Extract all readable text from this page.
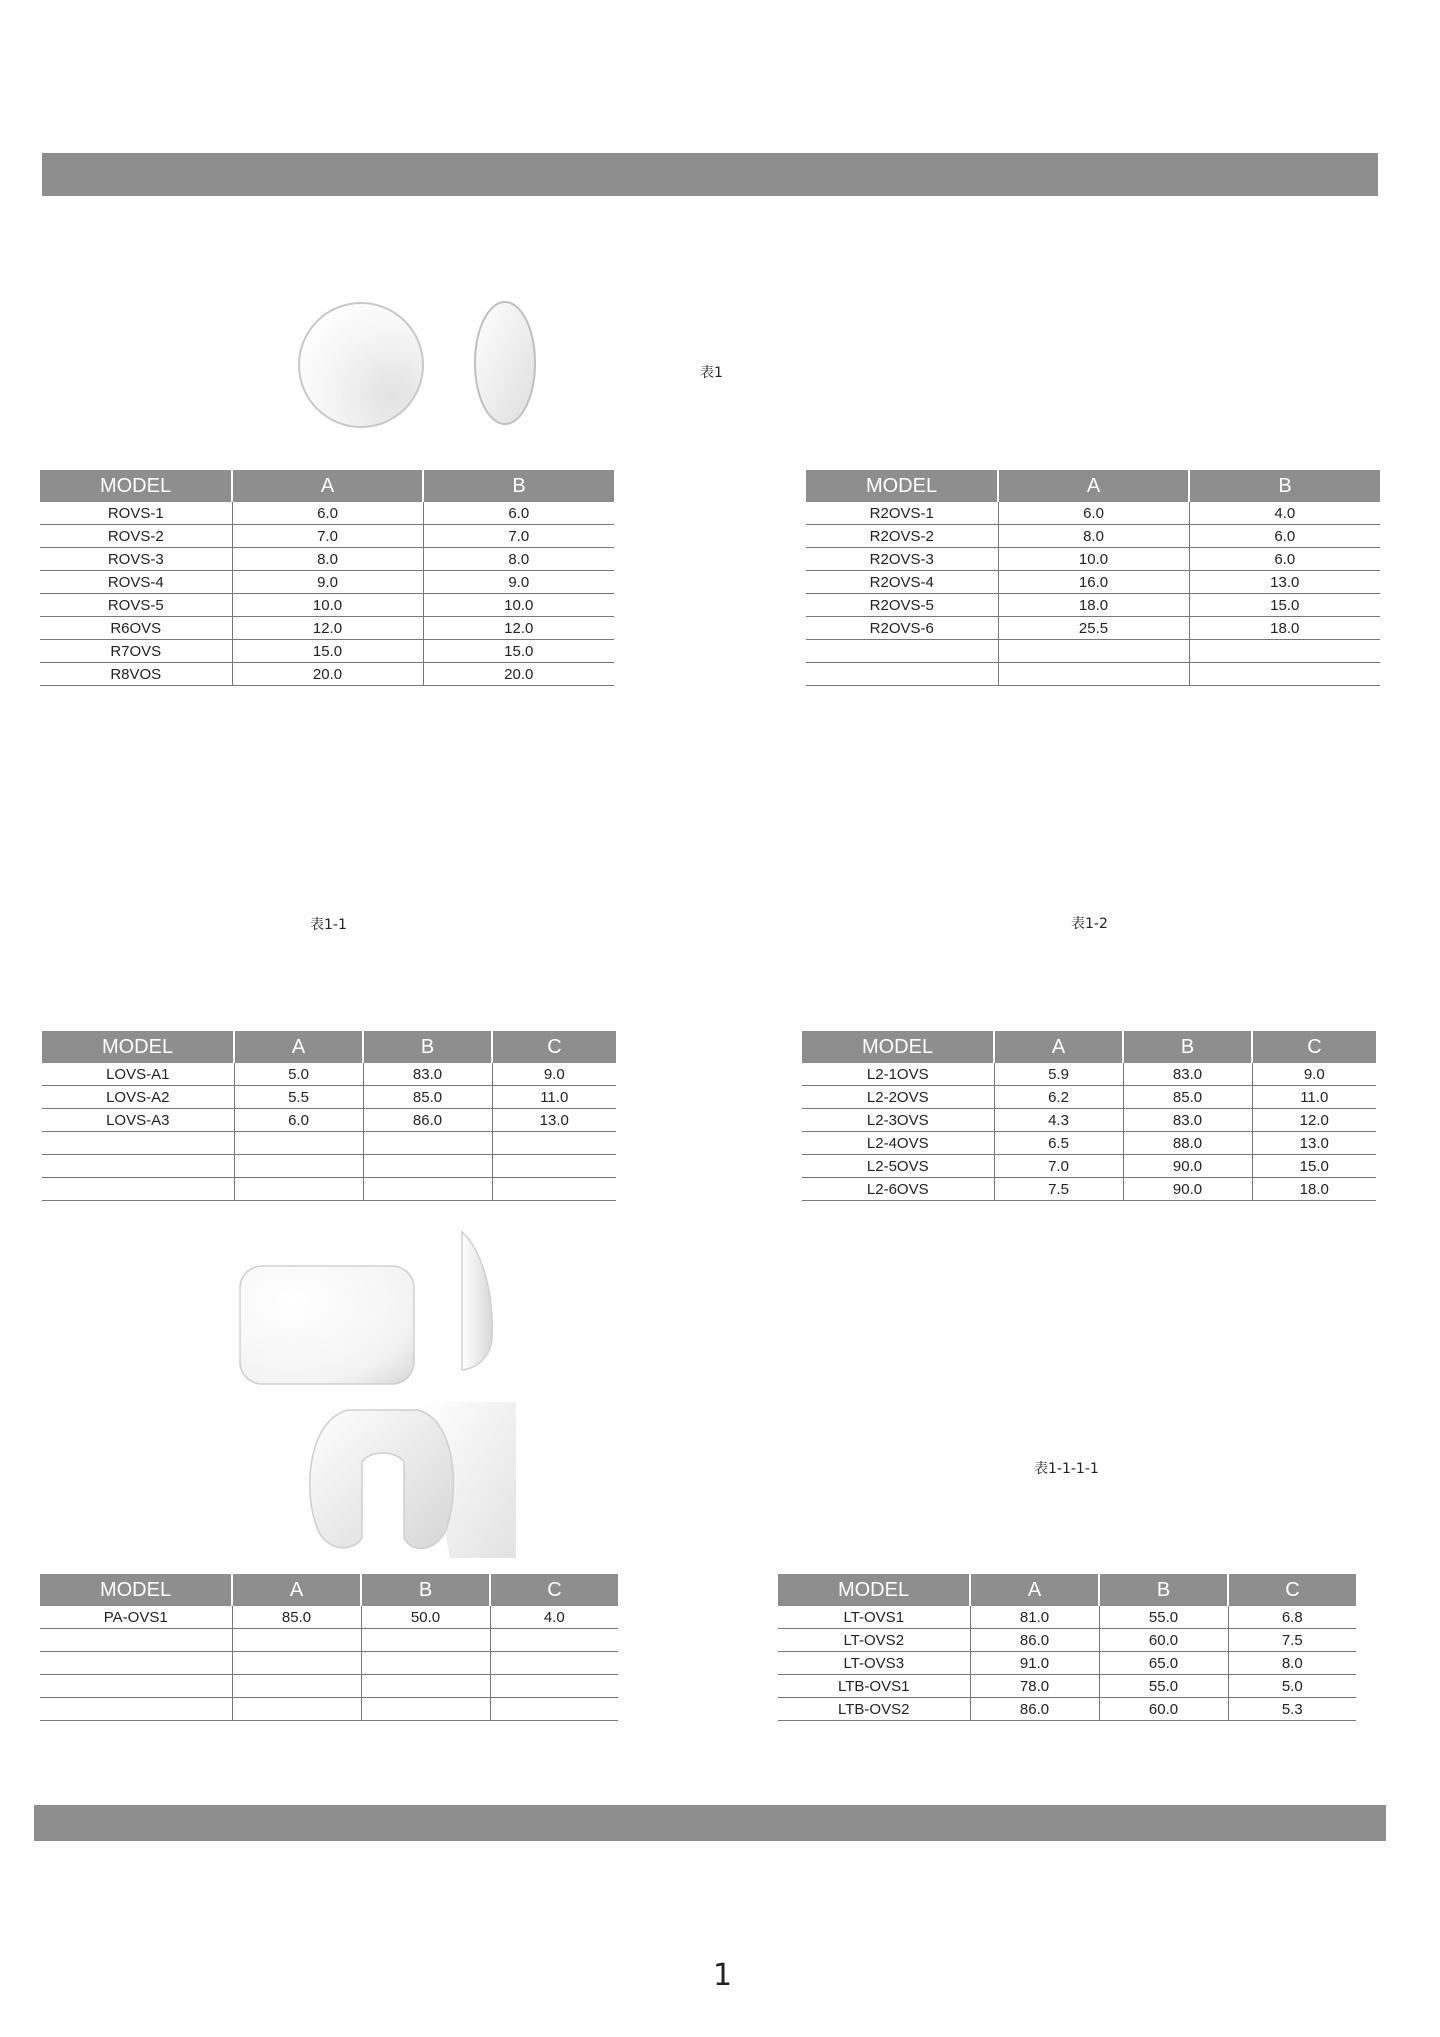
表1
MODEL	A	B
ROVS-1	6.0	6.0
ROVS-2	7.0	7.0
ROVS-3	8.0	8.0
ROVS-4	9.0	9.0
ROVS-5	10.0	10.0
R6OVS	12.0	12.0
R7OVS	15.0	15.0
R8VOS	20.0	20.0
MODEL	A	B
R2OVS-1	6.0	4.0
R2OVS-2	8.0	6.0
R2OVS-3	10.0	6.0
R2OVS-4	16.0	13.0
R2OVS-5	18.0	15.0
R2OVS-6	25.5	18.0

表1-1	表1-2
MODEL	A	B	C
LOVS-A1	5.0	83.0	9.0
LOVS-A2	5.5	85.0	11.0
LOVS-A3	6.0	86.0	13.0

MODEL	A	B	C
L2-1OVS	5.9	83.0	9.0
L2-2OVS	6.2	85.0	11.0
L2-3OVS	4.3	83.0	12.0
L2-4OVS	6.5	88.0	13.0
L2-5OVS	7.0	90.0	15.0
L2-6OVS	7.5	90.0	18.0
表1-1-1-1
MODEL	A	B	C
PA-OVS1	85.0	50.0	4.0

MODEL	A	B	C
LT-OVS1	81.0	55.0	6.8
LT-OVS2	86.0	60.0	7.5
LT-OVS3	91.0	65.0	8.0
LTB-OVS1	78.0	55.0	5.0
LTB-OVS2	86.0	60.0	5.3
1
